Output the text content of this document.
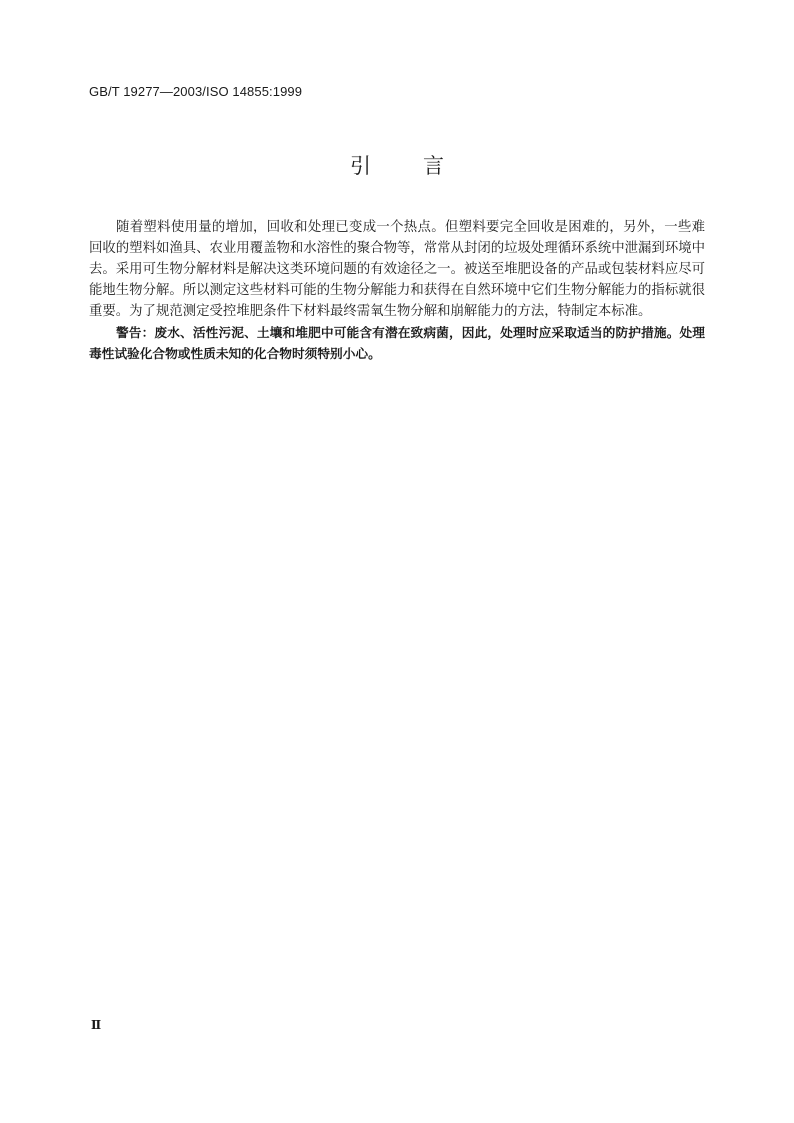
GB/T 19277—2003/ISO 14855:1999
引言

随着塑料使用量的增加，回收和处理已变成一个热点。但塑料要完全回收是困难的，另外，一些难回收的塑料如渔具、农业用覆盖物和水溶性的聚合物等，常常从封闭的垃圾处理循环系统中泄漏到环境中去。采用可生物分解材料是解决这类环境问题的有效途径之一。被送至堆肥设备的产品或包装材料应尽可能地生物分解。所以测定这些材料可能的生物分解能力和获得在自然环境中它们生物分解能力的指标就很重要。为了规范测定受控堆肥条件下材料最终需氧生物分解和崩解能力的方法，特制定本标准。

警告：废水、活性污泥、土壤和堆肥中可能含有潜在致病菌，因此，处理时应采取适当的防护措施。处理毒性试验化合物或性质未知的化合物时须特别小心。

Ⅱ
